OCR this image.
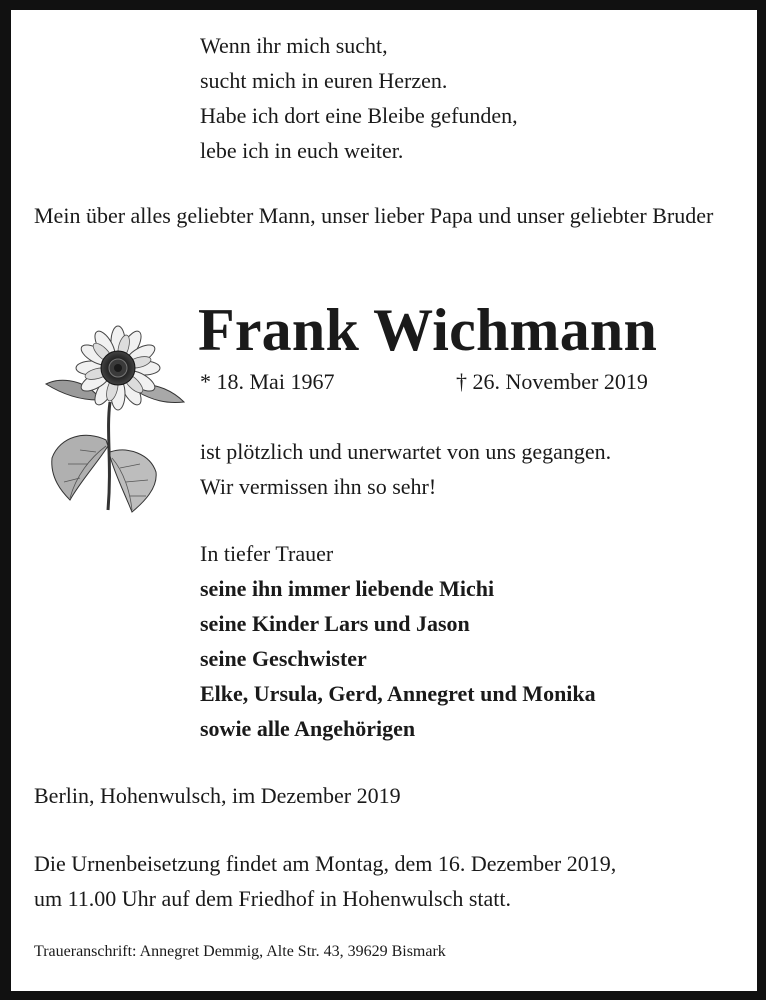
Wenn ihr mich sucht,
sucht mich in euren Herzen.
Habe ich dort eine Bleibe gefunden,
lebe ich in euch weiter.
Mein über alles geliebter Mann, unser lieber Papa und unser geliebter Bruder
Frank Wichmann
* 18. Mai 1967	† 26. November 2019
ist plötzlich und unerwartet von uns gegangen.
Wir vermissen ihn so sehr!
In tiefer Trauer
seine ihn immer liebende Michi
seine Kinder Lars und Jason
seine Geschwister
Elke, Ursula, Gerd, Annegret und Monika
sowie alle Angehörigen
Berlin, Hohenwulsch, im Dezember 2019
Die Urnenbeisetzung findet am Montag, dem 16. Dezember 2019,
um 11.00 Uhr auf dem Friedhof in Hohenwulsch statt.
Traueranschrift: Annegret Demmig, Alte Str. 43, 39629 Bismark
